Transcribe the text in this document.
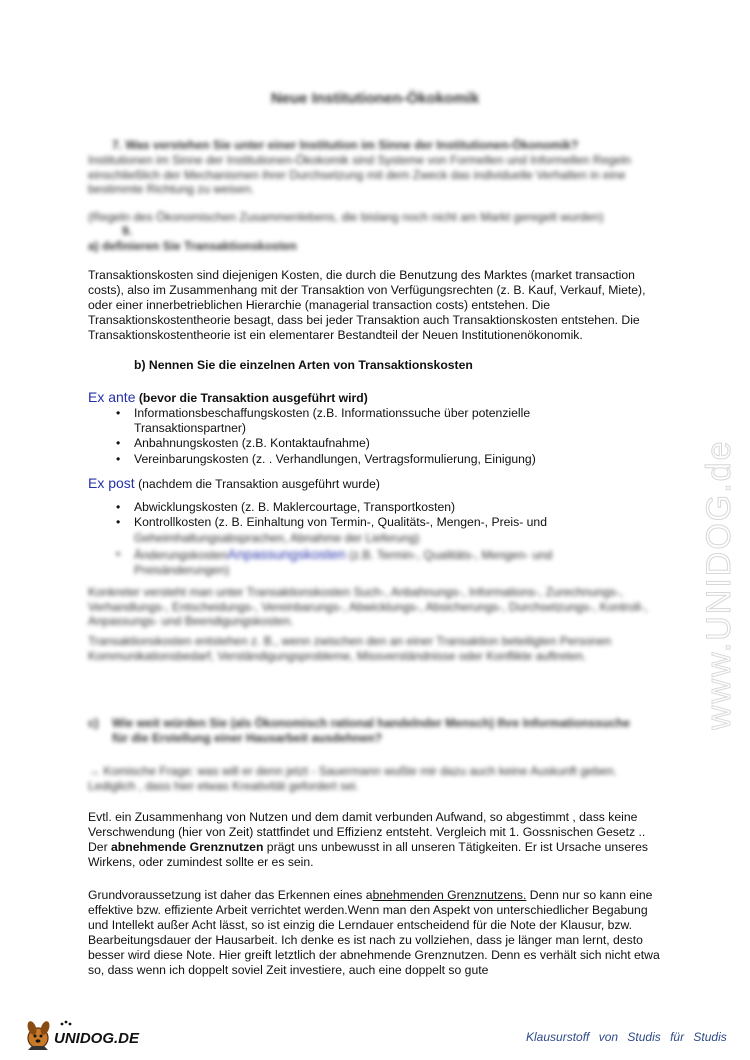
Neue Institutionen-Ökokomik
7. Was verstehen Sie unter einer Institution im Sinne der Institutionen-Ökonomik?
Institutionen im Sinne der Institutionen-Ökokomik sind Systeme von Formellen und Informellen Regeln einschließlich der Mechanismen ihrer Durchsetzung mit dem Zweck das individuelle Verhalten in eine bestimmte Richtung zu weisen.
(Regeln des Ökonomischen Zusammenlebens, die bislang noch nicht am Markt geregelt wurden)
9.
a) definieren Sie Transaktionskosten
Transaktionskosten sind diejenigen Kosten, die durch die Benutzung des Marktes (market transaction costs), also im Zusammenhang mit der Transaktion von Verfügungsrechten (z. B. Kauf, Verkauf, Miete), oder einer innerbetrieblichen Hierarchie (managerial transaction costs) entstehen. Die Transaktionskostentheorie besagt, dass bei jeder Transaktion auch Transaktionskosten entstehen. Die Transaktionskostentheorie ist ein elementarer Bestandteil der Neuen Institutionenökonomik.
b) Nennen Sie die einzelnen Arten von Transaktionskosten
Ex ante (bevor die Transaktion ausgeführt wird)
• Informationsbeschaffungskosten (z.B. Informationssuche über potenzielle Transaktionspartner)
• Anbahnungskosten (z.B. Kontaktaufnahme)
• Vereinbarungskosten (z. . Verhandlungen, Vertragsformulierung, Einigung)
Ex post (nachdem die Transaktion ausgeführt wurde)
• Abwicklungskosten (z. B. Maklercourtage, Transportkosten)
• Kontrollkosten (z. B. Einhaltung von Termin-, Qualitäts-, Mengen-, Preis- und
Geheimhaltungsabsprachen, Abnahme der Lieferung)
• ÄnderungskostenAnpassungskosten (z.B. Termin-, Qualitäts-, Mengen- und Preisänderungen)
Konkreter versteht man unter Transaktionskosten Such-, Anbahnungs-, Informations-, Zurechnungs-, Verhandlungs-, Entscheidungs-, Vereinbarungs-, Abwicklungs-, Absicherungs-, Durchsetzungs-, Kontroll-, Anpassungs- und Beendigungskosten.
Transaktionskosten entstehen z. B., wenn zwischen den an einer Transaktion beteiligten Personen Kommunikationsbedarf, Verständigungsprobleme, Missverständnisse oder Konflikte auftreten.
c) Wie weit würden Sie (als Ökonomisch rational handelnder Mensch) Ihre Informationssuche für die Erstellung einer Hausarbeit ausdehnen?
→ Komische Frage: was will er denn jetzt - Sauermann wußte mir dazu auch keine Auskunft geben. Lediglich , dass hier etwas Kreativität gefordert sei.
Evtl. ein Zusammenhang von Nutzen und dem damit verbunden Aufwand, so abgestimmt , dass keine Verschwendung (hier von Zeit) stattfindet und Effizienz entsteht. Vergleich mit 1. Gossnischen Gesetz ..
Der abnehmende Grenznutzen prägt uns unbewusst in all unseren Tätigkeiten. Er ist Ursache unseres Wirkens, oder zumindest sollte er es sein.
Grundvoraussetzung ist daher das Erkennen eines abnehmenden Grenznutzens. Denn nur so kann eine effektive bzw. effiziente Arbeit verrichtet werden.Wenn man den Aspekt von unterschiedlicher Begabung und Intellekt außer Acht lässt, so ist einzig die Lerndauer entscheidend für die Note der Klausur, bzw. Bearbeitungsdauer der Hausarbeit. Ich denke es ist nach zu vollziehen, dass je länger man lernt, desto besser wird diese Note. Hier greift letztlich der abnehmende Grenznutzen. Denn es verhält sich nicht etwa so, dass wenn ich doppelt soviel Zeit investiere, auch eine doppelt so gute
www.UNIDOG.de
UNIDOG.DE	Klausurstoff von Studis für Studis
